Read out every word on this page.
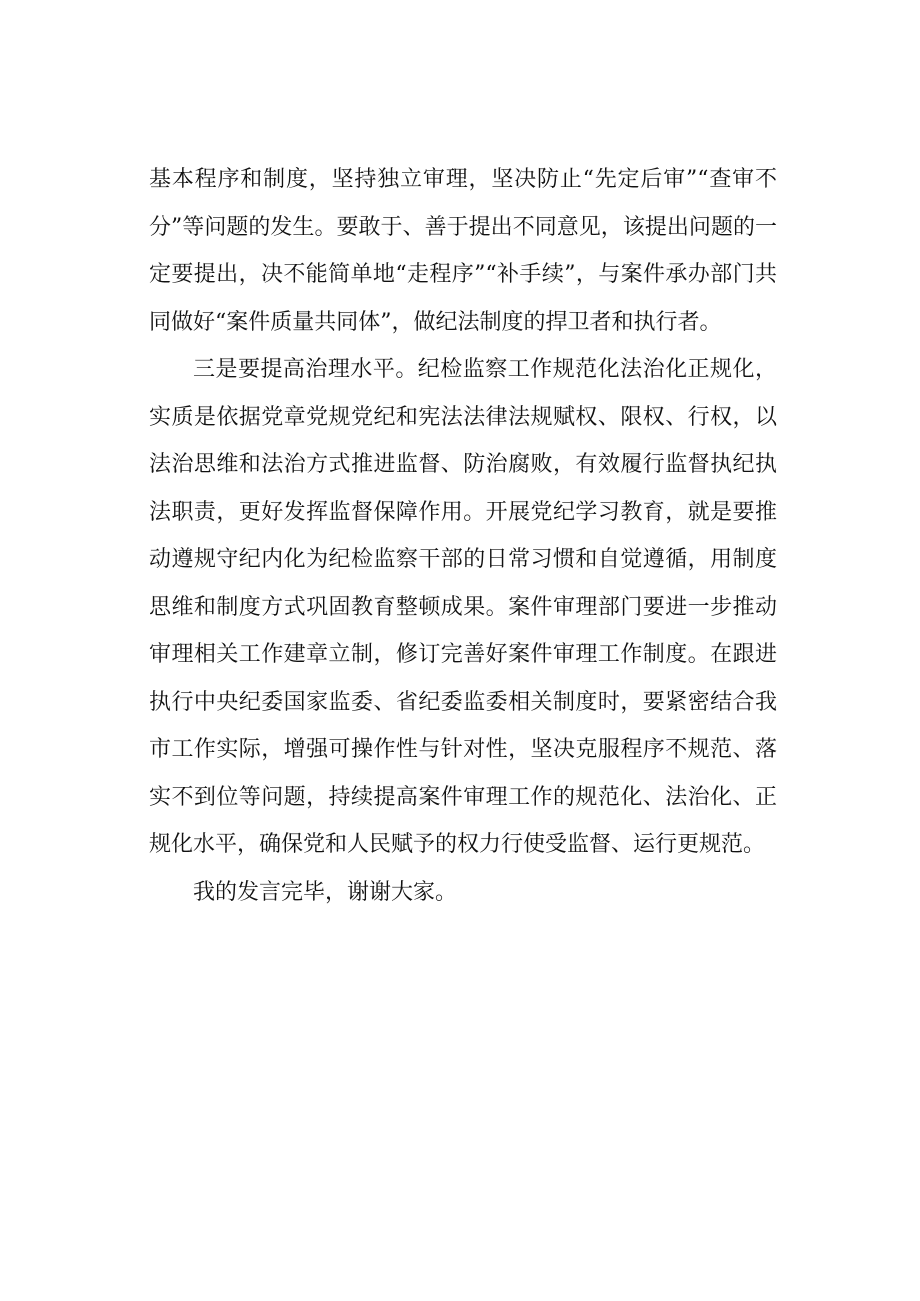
基本程序和制度，坚持独立审理，坚决防止“先定后审”“查审不分”等问题的发生。要敢于、善于提出不同意见，该提出问题的一定要提出，决不能简单地“走程序”“补手续”，与案件承办部门共同做好“案件质量共同体”，做纪法制度的捍卫者和执行者。

三是要提高治理水平。纪检监察工作规范化法治化正规化，实质是依据党章党规党纪和宪法法律法规赋权、限权、行权，以法治思维和法治方式推进监督、防治腐败，有效履行监督执纪执法职责，更好发挥监督保障作用。开展党纪学习教育，就是要推动遵规守纪内化为纪检监察干部的日常习惯和自觉遵循，用制度思维和制度方式巩固教育整顿成果。案件审理部门要进一步推动审理相关工作建章立制，修订完善好案件审理工作制度。在跟进执行中央纪委国家监委、省纪委监委相关制度时，要紧密结合我市工作实际，增强可操作性与针对性，坚决克服程序不规范、落实不到位等问题，持续提高案件审理工作的规范化、法治化、正规化水平，确保党和人民赋予的权力行使受监督、运行更规范。

我的发言完毕，谢谢大家。
